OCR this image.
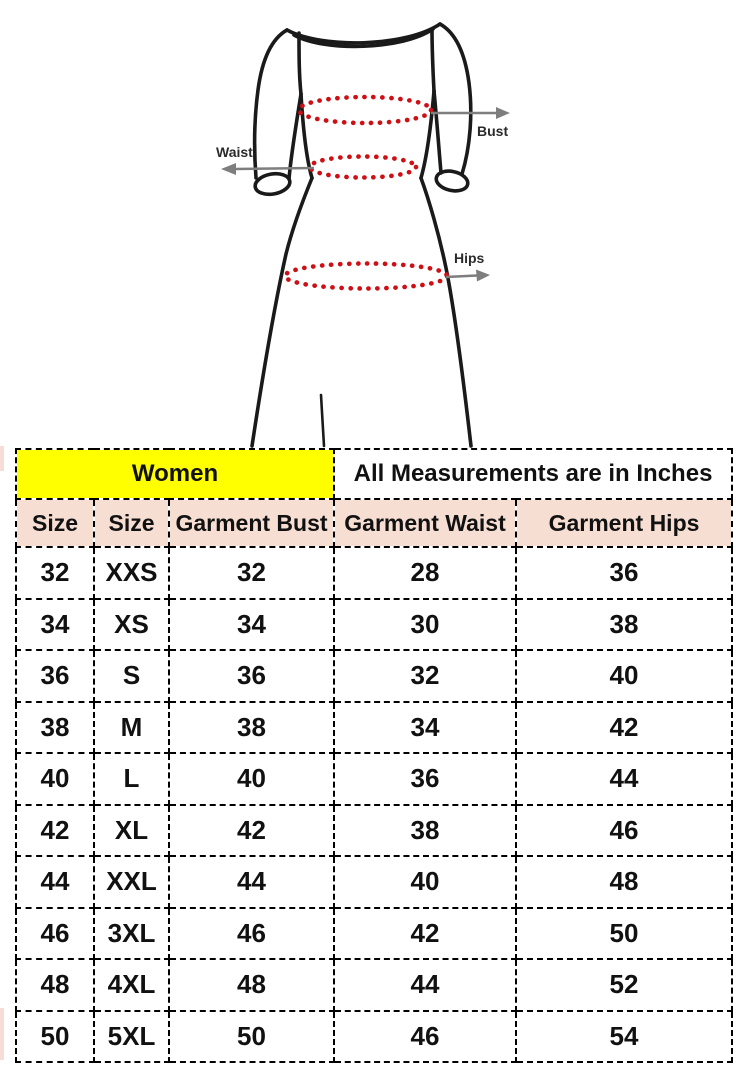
Waist
Bust
Hips
Women			All Measurements are in Inches	
Size	Size	Garment Bust	Garment Waist	Garment Hips
32	XXS	32	28	36
34	XS	34	30	38
36	S	36	32	40
38	M	38	34	42
40	L	40	36	44
42	XL	42	38	46
44	XXL	44	40	48
46	3XL	46	42	50
48	4XL	48	44	52
50	5XL	50	46	54
